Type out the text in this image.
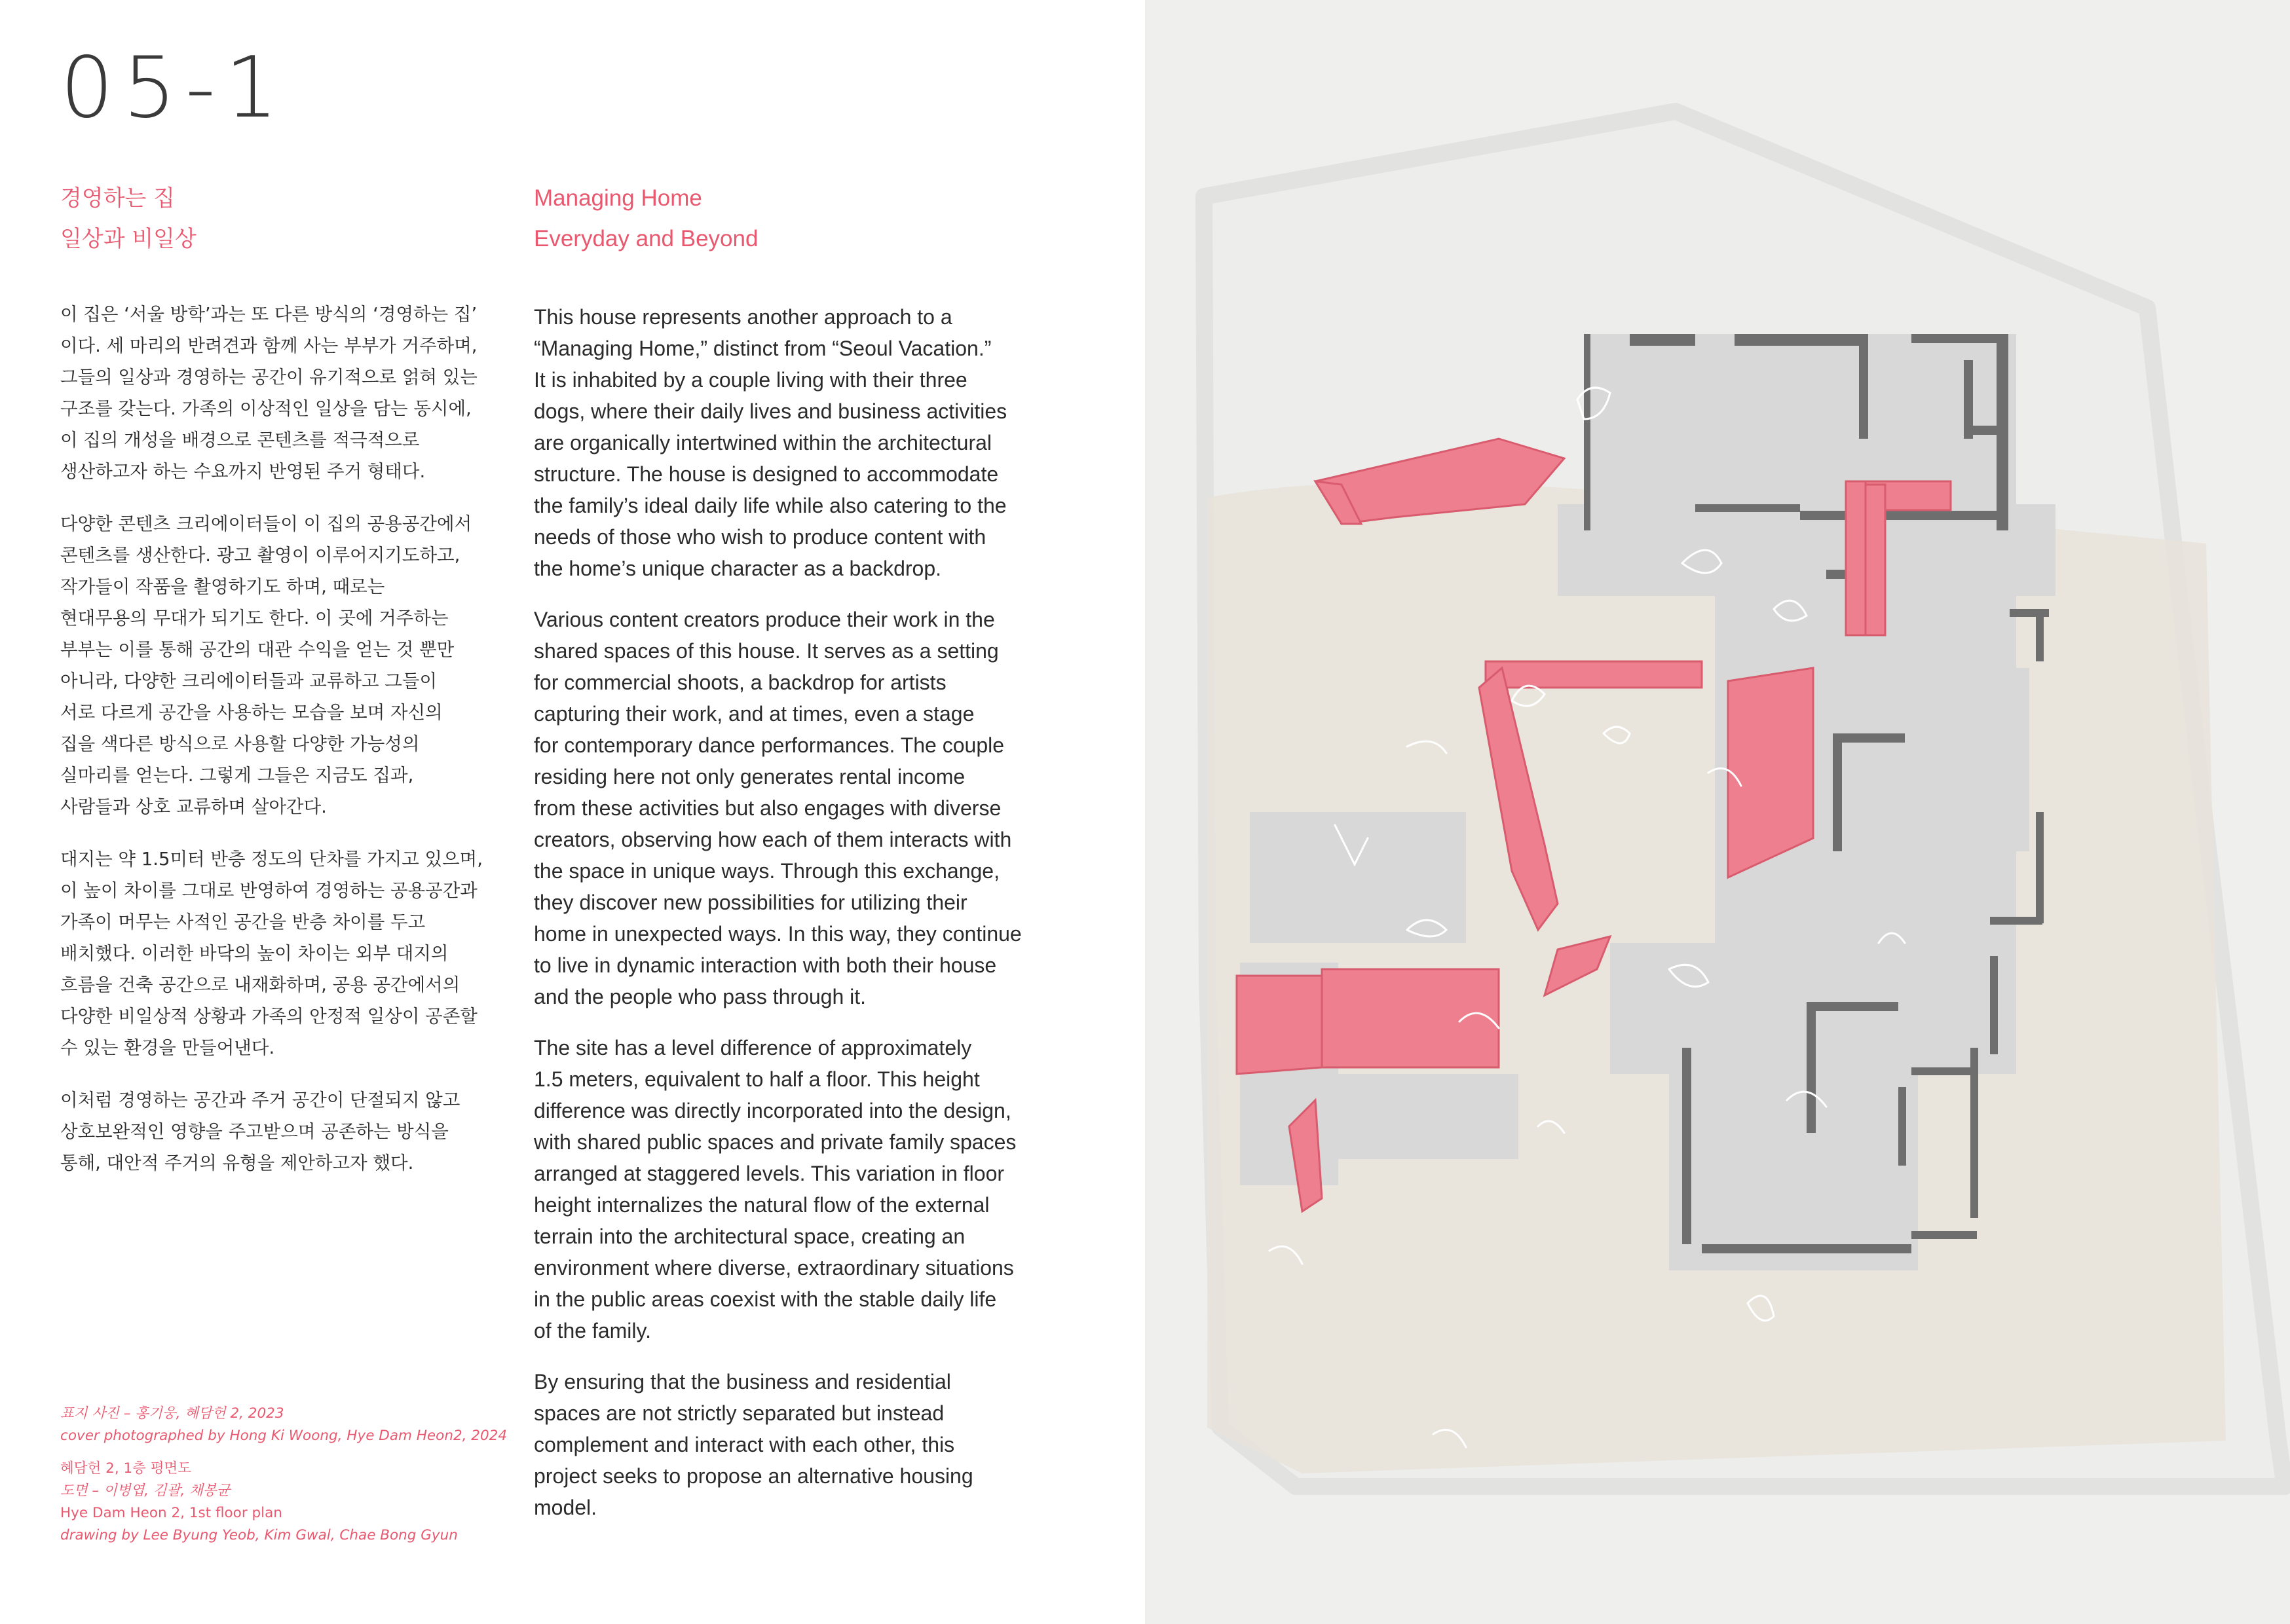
05-1
경영하는 집
일상과 비일상
Managing Home
Everyday and Beyond

이 집은 ‘서울 방학’과는 또 다른 방식의 ‘경영하는 집’
이다. 세 마리의 반려견과 함께 사는 부부가 거주하며,
그들의 일상과 경영하는 공간이 유기적으로 얽혀 있는
구조를 갖는다. 가족의 이상적인 일상을 담는 동시에,
이 집의 개성을 배경으로 콘텐츠를 적극적으로
생산하고자 하는 수요까지 반영된 주거 형태다.

다양한 콘텐츠 크리에이터들이 이 집의 공용공간에서
콘텐츠를 생산한다. 광고 촬영이 이루어지기도하고,
작가들이 작품을 촬영하기도 하며, 때로는
현대무용의 무대가 되기도 한다. 이 곳에 거주하는
부부는 이를 통해 공간의 대관 수익을 얻는 것 뿐만
아니라, 다양한 크리에이터들과 교류하고 그들이
서로 다르게 공간을 사용하는 모습을 보며 자신의
집을 색다른 방식으로 사용할 다양한 가능성의
실마리를 얻는다. 그렇게 그들은 지금도 집과,
사람들과 상호 교류하며 살아간다.

대지는 약 1.5미터 반층 정도의 단차를 가지고 있으며,
이 높이 차이를 그대로 반영하여 경영하는 공용공간과
가족이 머무는 사적인 공간을 반층 차이를 두고
배치했다. 이러한 바닥의 높이 차이는 외부 대지의
흐름을 건축 공간으로 내재화하며, 공용 공간에서의
다양한 비일상적 상황과 가족의 안정적 일상이 공존할
수 있는 환경을 만들어낸다.

이처럼 경영하는 공간과 주거 공간이 단절되지 않고
상호보완적인 영향을 주고받으며 공존하는 방식을
통해, 대안적 주거의 유형을 제안하고자 했다.

This house represents another approach to a
“Managing Home,” distinct from “Seoul Vacation.”
It is inhabited by a couple living with their three
dogs, where their daily lives and business activities
are organically intertwined within the architectural
structure. The house is designed to accommodate
the family’s ideal daily life while also catering to the
needs of those who wish to produce content with
the home’s unique character as a backdrop.

Various content creators produce their work in the
shared spaces of this house. It serves as a setting
for commercial shoots, a backdrop for artists
capturing their work, and at times, even a stage
for contemporary dance performances. The couple
residing here not only generates rental income
from these activities but also engages with diverse
creators, observing how each of them interacts with
the space in unique ways. Through this exchange,
they discover new possibilities for utilizing their
home in unexpected ways. In this way, they continue
to live in dynamic interaction with both their house
and the people who pass through it.

The site has a level difference of approximately
1.5 meters, equivalent to half a floor. This height
difference was directly incorporated into the design,
with shared public spaces and private family spaces
arranged at staggered levels. This variation in floor
height internalizes the natural flow of the external
terrain into the architectural space, creating an
environment where diverse, extraordinary situations
in the public areas coexist with the stable daily life
of the family.

By ensuring that the business and residential
spaces are not strictly separated but instead
complement and interact with each other, this
project seeks to propose an alternative housing
model.

표지 사진 – 홍기웅, 혜담헌 2, 2023
cover photographed by Hong Ki Woong, Hye Dam Heon2, 2024
혜담헌 2, 1층 평면도
도면 – 이병엽, 김괄, 채봉균
Hye Dam Heon 2, 1st floor plan
drawing by Lee Byung Yeob, Kim Gwal, Chae Bong Gyun
